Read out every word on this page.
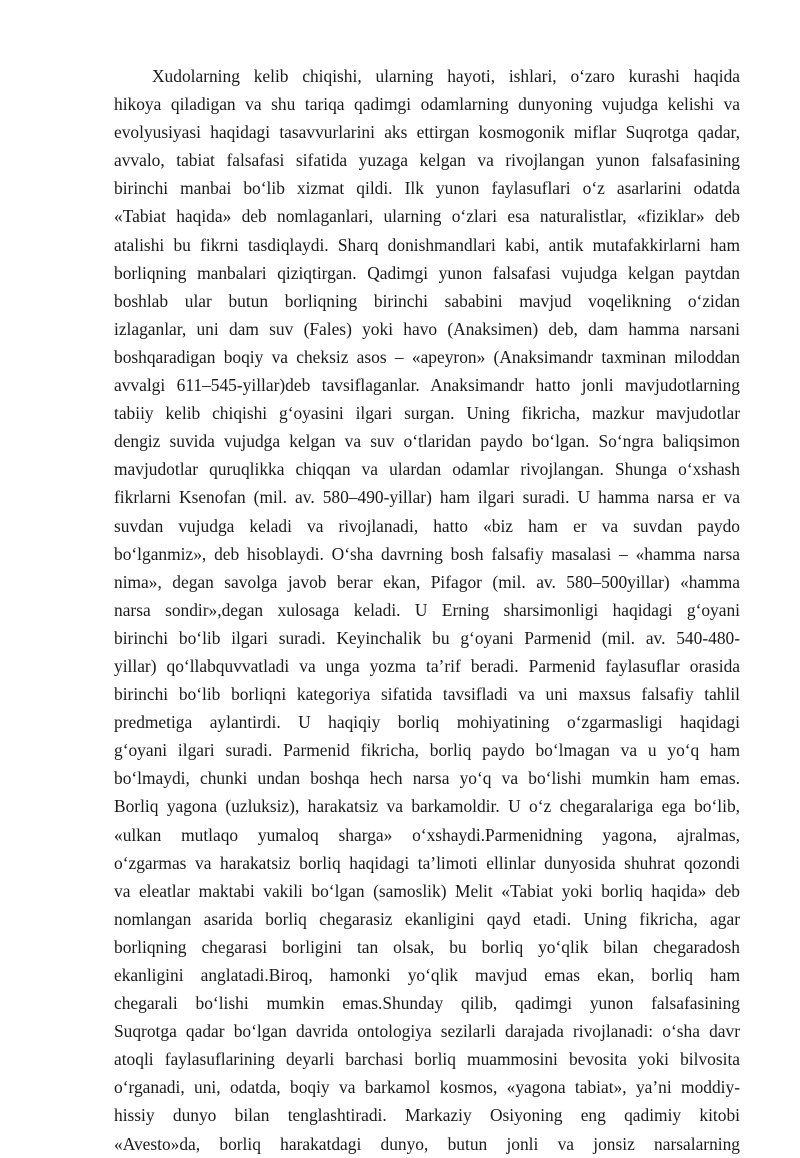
Xudolarning kelib chiqishi, ularning hayoti, ishlari, o‘zaro kurashi haqida
hikoya qiladigan va shu tariqa qadimgi odamlarning dunyoning vujudga kelishi va
evolyusiyasi haqidagi tasavvurlarini aks ettirgan kosmogonik miflar Suqrotga qadar,
avvalo, tabiat falsafasi sifatida yuzaga kelgan va rivojlangan yunon falsafasining
birinchi manbai bo‘lib xizmat qildi. Ilk yunon faylasuflari o‘z asarlarini odatda
«Tabiat haqida» deb nomlaganlari, ularning o‘zlari esa naturalistlar, «fiziklar» deb
atalishi bu fikrni tasdiqlaydi. Sharq donishmandlari kabi, antik mutafakkirlarni ham
borliqning manbalari qiziqtirgan. Qadimgi yunon falsafasi vujudga kelgan paytdan
boshlab ular butun borliqning birinchi sababini mavjud voqelikning o‘zidan
izlaganlar, uni dam suv (Fales) yoki havo (Anaksimen) deb, dam hamma narsani
boshqaradigan boqiy va cheksiz asos – «apeyron» (Anaksimandr taxminan miloddan
avvalgi 611–545-yillar)deb tavsiflaganlar. Anaksimandr hatto jonli mavjudotlarning
tabiiy kelib chiqishi g‘oyasini ilgari surgan. Uning fikricha, mazkur mavjudotlar
dengiz suvida vujudga kelgan va suv o‘tlaridan paydo bo‘lgan. So‘ngra baliqsimon
mavjudotlar quruqlikka chiqqan va ulardan odamlar rivojlangan. Shunga o‘xshash
fikrlarni Ksenofan (mil. av. 580–490-yillar) ham ilgari suradi. U hamma narsa er va
suvdan vujudga keladi va rivojlanadi, hatto «biz ham er va suvdan paydo
bo‘lganmiz», deb hisoblaydi. O‘sha davrning bosh falsafiy masalasi – «hamma narsa
nima», degan savolga javob berar ekan, Pifagor (mil. av. 580–500yillar) «hamma
narsa sondir»,degan xulosaga keladi. U Erning sharsimonligi haqidagi g‘oyani
birinchi bo‘lib ilgari suradi. Keyinchalik bu g‘oyani Parmenid (mil. av. 540-480-
yillar) qo‘llabquvvatladi va unga yozma ta’rif beradi. Parmenid faylasuflar orasida
birinchi bo‘lib borliqni kategoriya sifatida tavsifladi va uni maxsus falsafiy tahlil
predmetiga aylantirdi. U haqiqiy borliq mohiyatining o‘zgarmasligi haqidagi
g‘oyani ilgari suradi. Parmenid fikricha, borliq paydo bo‘lmagan va u yo‘q ham
bo‘lmaydi, chunki undan boshqa hech narsa yo‘q va bo‘lishi mumkin ham emas.
Borliq yagona (uzluksiz), harakatsiz va barkamoldir. U o‘z chegaralariga ega bo‘lib,
«ulkan mutlaqo yumaloq sharga» o‘xshaydi.Parmenidning yagona, ajralmas,
o‘zgarmas va harakatsiz borliq haqidagi ta’limoti ellinlar dunyosida shuhrat qozondi
va eleatlar maktabi vakili bo‘lgan (samoslik) Melit «Tabiat yoki borliq haqida» deb
nomlangan asarida borliq chegarasiz ekanligini qayd etadi. Uning fikricha, agar
borliqning chegarasi borligini tan olsak, bu borliq yo‘qlik bilan chegaradosh
ekanligini anglatadi.Biroq, hamonki yo‘qlik mavjud emas ekan, borliq ham
chegarali bo‘lishi mumkin emas.Shunday qilib, qadimgi yunon falsafasining
Suqrotga qadar bo‘lgan davrida ontologiya sezilarli darajada rivojlanadi: o‘sha davr
atoqli faylasuflarining deyarli barchasi borliq muammosini bevosita yoki bilvosita
o‘rganadi, uni, odatda, boqiy va barkamol kosmos, «yagona tabiat», ya’ni moddiy-
hissiy dunyo bilan tenglashtiradi. Markaziy Osiyoning eng qadimiy kitobi
«Avesto»da, borliq harakatdagi dunyo, butun jonli va jonsiz narsalarning
